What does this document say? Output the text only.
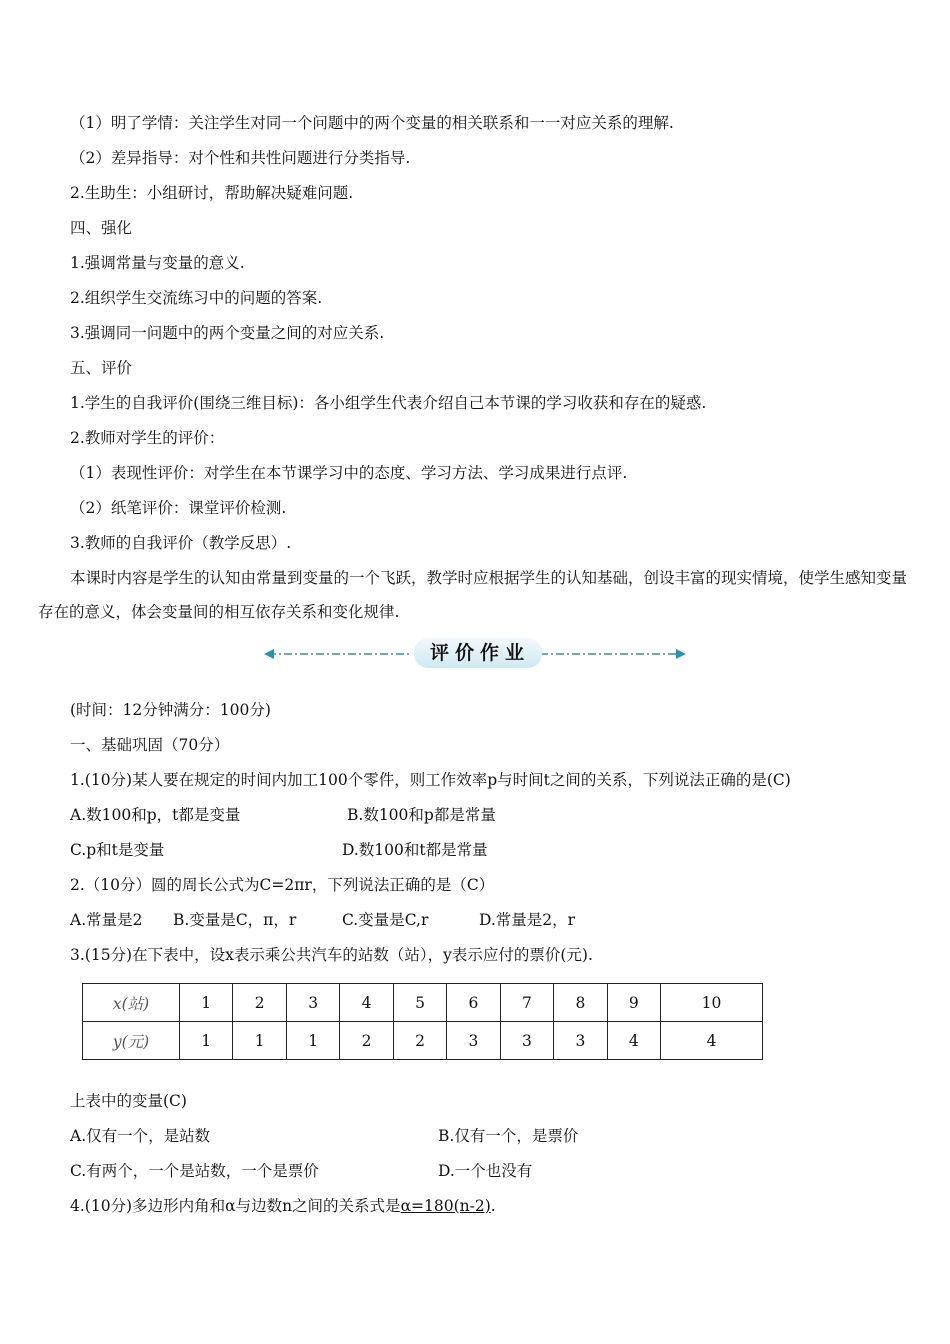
（1）明了学情：关注学生对同一个问题中的两个变量的相关联系和一一对应关系的理解.
（2）差异指导：对个性和共性问题进行分类指导.
2.生助生：小组研讨，帮助解决疑难问题.
四、强化
1.强调常量与变量的意义.
2.组织学生交流练习中的问题的答案.
3.强调同一问题中的两个变量之间的对应关系.
五、评价
1.学生的自我评价(围绕三维目标)：各小组学生代表介绍自己本节课的学习收获和存在的疑惑.
2.教师对学生的评价：
（1）表现性评价：对学生在本节课学习中的态度、学习方法、学习成果进行点评.
（2）纸笔评价：课堂评价检测.
3.教师的自我评价（教学反思）.
本课时内容是学生的认知由常量到变量的一个飞跃，教学时应根据学生的认知基础，创设丰富的现实情境，使学生感知变量存在的意义，体会变量间的相互依存关系和变化规律.
评价作业
(时间：12分钟满分：100分)
一、基础巩固（70分）
1.(10分)某人要在规定的时间内加工100个零件，则工作效率p与时间t之间的关系，下列说法正确的是(C)
A.数100和p，t都是变量	B.数100和p都是常量
C.p和t是变量	D.数100和t都是常量
2.（10分）圆的周长公式为C=2πr，下列说法正确的是（C）
A.常量是2 B.变量是C，π，r	C.变量是C,r	D.常量是2，r
3.(15分)在下表中，设x表示乘公共汽车的站数（站），y表示应付的票价(元).
x(站)	1	2	3	4	5	6	7	8	9	10
y(元)	1	1	1	2	2	3	3	3	4	4
上表中的变量(C)
A.仅有一个，是站数	B.仅有一个，是票价
C.有两个，一个是站数，一个是票价	D.一个也没有
4.(10分)多边形内角和α与边数n之间的关系式是α=180(n-2).
